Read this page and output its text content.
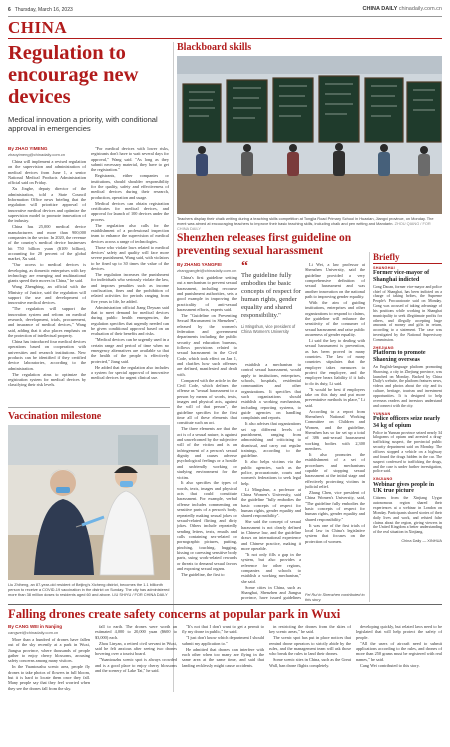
6 Thursday, March 16, 2023	CHINA DAILY chinadaily.com.cn
CHINA
Regulation to encourage new devices
Medical innovation a priority, with conditional approval in emergencies
By ZHAO YIMENG
zhaoyimeng@chinadaily.com.cn

China will implement a revised regulation on the supervision and administration of medical devices from June 1, a senior National Medical Products Administration official said on Friday.

Xu Jinghe, deputy director of the administration, told a State Council Information Office news briefing that the regulation will prioritize approval of innovative medical devices and optimize the supervision model to promote innovation of the industry.

China has 25,000 medical device manufacturers and more than 900,000 companies in the sector. In 2020, the revenue of the country's medical device businesses hit 750 billion yuan ($109 billion), accounting for 20 percent of the global market, Xu said.

"Our access to medical devices is developing, as domestic enterprises with key technology are emerging and multinational giants speed their moves in China," he said.

Wang Zhengbing, an official with the Ministry of Justice, said the regulation will support the use and development of innovative medical devices.

"The regulation will support the innovation system and reform on medical research, development, trials, procurement, and insurance of medical devices," Wang said, adding that it also places emphasis on the protection of intellectual property.

China has introduced four medical devices operations based on cooperation with universities and research institutions. New products can be identified if they certified device laboratories, according to the administration.

The regulation aims to optimize the registration system for medical devices by classifying their risk levels.

"For medical devices with lower risks, registrants don't have to wait several days for approval," Wang said. "As long as they submit necessary material, they have to get the registration."

Registrants, either companies or institutions, should shoulder responsibility for the quality, safety and effectiveness of medical devices during their research, production, operation and usage.

Medical devices can obtain registration certificates for medical devices, and approval for launch of 100 devices under the process.

The regulation also calls for the establishment of a professional inspection team to enhance the supervision of medical devices across a range of technologies.

Those who violate laws related to medical devices' safety and quality will face more severe punishment, Wang said, with violators to be fined up to 30 times the value of the devices.

The regulation increases the punishment for individuals who seriously violate the law, and imposes penalties such as income confiscation, fines and the prohibition of related activities for periods ranging from five years to life, he added.

Administration official Jiang Deyuan said that to meet demand for medical devices during public health emergencies, the regulation specifies that urgently needed can be given conditional approval based on an evaluation of their benefits and risks.

"Medical devices can be urgently used in a certain range and period of time when no emergency alternatives are available so that the health of the people is effectively protected," Jiang said.

He added that the regulation also includes a system for special approval of innovative medical devices for urgent clinical use.

Blackboard skills
Teachers display their chalk writing during a teaching skills competition at Tongjia Road Primary School in Huaxian, Jiangxi province, on Monday. The event was aimed at encouraging teachers to improve their basic teaching skills, including chalk and pen writing and Mandarin. ZHOU QIANG / FOR CHINA DAILY
Shenzhen releases first guideline on preventing sexual harassment
By ZHANG YANGFEI
zhangyangfei@chinadaily.com.cn

China's first guideline setting out a mechanism to prevent sexual harassment, including recourse and punishment authorities, sets a good example in improving the practicality of anti-sexual harassment efforts, experts said.

The "Guideline on Preventing Sexual Harassment in Shenzhen", released by the women's federation and government departments including the public security and education bureaus, follows provisions related to sexual harassment in the Civil Code, which took effect on Jan 1, and clarifies how such offenses are defined, manifested and dealt with.

Compared with the article in the Civil Code, which defines the offense as "sexual harassment to a person by means of words, texts, images and physical acts, against the will of that person", the guideline specifies for the first time all of these elements that constitute such an act.

The three elements are that the act is of a sexual nature, is against and unwelcomed by the subjective will of the victim and is an infringement of a person's sexual dignity and causes adverse psychological feelings or a hostile and unfriendly working or studying environment for the victim.

It also specifies the types of words, texts, images and physical acts that could constitute harassment. For example, verbal offense includes commenting on sensitive parts of a person's body, repeatedly making sexual jokes or sexual-related flirting and dirty jokes. Others include repeatedly sending letters, texts, emails and calls containing sex-related or pornographic pictures, putting, pinching, touching, hugging, kissing or caressing sensitive body parts, using work-related rewards or threats to demand sexual favors and exposing sexual organs.

The guideline, the first to

“
The guideline fully embodies the basic concepts of respect for human rights, gender equality and shared responsibility."
Li Mingshun, vice president of China Women's University

establish a mechanism to control sexual harassment, would apply to institutions, enterprises, schools, hospitals, residential communities and other organizations. It specifies that such organizations should establish a working mechanism, including reporting systems, to guide agencies on handling complaints and reports.

It also advises that organizations set up different levels of punishment, ranging from admonishing and criticizing to dismissal, and carry out regular trainings, according to the guideline.

It also helps victims via the public agencies, such as the police, procuratorate, courts and women's federations to seek legal help.

Li Mingshun, a professor at China Women's University, said the guideline "fully embodies the basic concepts of respect for human rights, gender equality and shared responsibility".

She said the concept of sexual harassment is not clearly defined in Chinese law, and the guideline draws on international experience and Chinese practice, making it more operable.

"It not only fills a gap in the system, but also provides a reference for other regions, companies and schools to establish a working mechanism," she said.

Some cities in China, such as Shanghai, Shenzhen and Jiangsu province, have issued guidelines

Li Wei, a law professor at Shenzhen University, said the guideline provided a very comprehensive definition of sexual harassment and was another innovation on the national path to improving gender equality.

With the aim of guiding institutions, enterprises and other organizations to respond to claims, the guideline will enhance the sensitivity of the consumer of sexual harassment and raise public awareness of gender equality.

Li said the key to dealing with sexual harassment is prevention, as has been proved in many countries. The law of many countries stipulates that the employer takes measures to protect the employee, and the employee bears liability if it fails to do its duty, Li said.

"It would be best if employers take on this duty and put more preventative methods in place," Li said.

According to a report from Shenzhen's National Working Committee on Children and Women, and the guideline, Shenzhen has so far set up a total of 386 anti-sexual harassment working bodies with 2,300 members.

It also promotes the establishment of a set of procedures and mechanisms capable of stopping sexual harassment at the initial stage and effectively protecting victims in judicial relief.

Zhang Chen, vice president of China Women's University, said, "The guideline fully embodies the basic concepts of respect for human rights, gender equality and shared responsibility."

It was one of the first trials of local law in China's legislative system that focuses on the protection of women.

Fei Rui in Shenzhen contributed to this story.
Briefly
SHANGHAI
Former vice-mayor of Shanghai indicted
Gong Daoan, former vice-mayor and police chief of Shanghai, has been indicted on a charge of taking bribes, the Supreme People's Procuratorate said on Monday. Gong was accused of taking advantage of his positions while working in Shanghai municipality to seek illegitimate profits for others, and illegally accepting huge amounts of money and gifts in return, according to a statement. The case was investigated by the National Supervisory Commission.
ZHEJIANG
Platform to promote Shaoxing overseas
An English-language platform promoting Shaoxing, a city in Zhejiang province, was launched on Monday. Backed by China Daily's website, the platform features news, videos and photos about the city and its culture, heritage, tourism and investment opportunities. It is designed to help overseas readers and investors understand and connect with the city.
YUNNAN
Police officers seize nearly 34 kg of opium
Police in Yunnan province seized nearly 34 kilograms of opium and arrested a drug-trafficking suspect, the provincial public security department said on Monday. The officers stopped a vehicle on a highway and found the drugs hidden in the car. The suspect confessed to trafficking the drugs, and the case is under further investigation, police said.
XINJIANG
Webinar gives people in UK true picture
Citizens from the Xinjiang Uygur autonomous region shared their experiences at a webinar in London on Monday. Participants shared stories of their daily lives and work, and refuted false claims about the region, giving viewers in the United Kingdom a better understanding of the real situation in Xinjiang.
China Daily — XINHUA
Vaccination milestone
Liu Zhiheng, an 87-year-old resident of Beijing's Xicheng district, becomes the 1.1 billionth person to receive a COVID-19 vaccination in the district on Sunday. The city has administered more than 38 million doses to residents aged 60 and above. LIU SHIYU / FOR CHINA DAILY
Falling drones create safety concerns at popular park in Wuxi
By CANG WEI in Nanjing
cangwei@chinadaily.com.cn

More than a hundred of drones have fallen out of the sky recently at a park in Wuxi, Jiangsu province, where thousands of people gather to enjoy cherry blossoms, arousing safety concerns among many visitors.

In the Yuantouzhu scenic area, people fly drones to take photos of flowers in full bloom, but it is hard to locate them once they fall. Many people say that they feel worried when they see the drones fall from the sky.

fall to earth. The drones were worth an estimated 4,000 to 20,000 yuan ($600 to $3,000) each.

Zhou Linyan, a retired civil servant in Wuxi, said he felt anxious after seeing two drones hovering over a tourist board.

"Yuantouzhu scenic spot is always crowded and is a good place to enjoy cherry blossoms and the scenery of Lake Tai," he said.

"It's not that I don't want to get a permit to fly my drone in public," he said.

"I just don't know which department I should submit my application to."

He admitted that drones can interfere with each other when too many are flying in the same area at the same time, and said that landing recklessly might cause accidents.

in restricting the drones from the skies of key scenic areas," he said.

The scenic spot has put in place notices that remind drone operators to strictly abide by the rules, and the management team will ask those who break the rules to land their drones.

Some scenic sites in China, such as the Great Wall, ban drone flights completely.

developing quickly, but related laws need to be legislated that will help protect the safety of people.

"All the users of aircraft need to submit applications according to the rules, and drones of more than 250 grams must be registered with real names," he said.

Cang Wei contributed to this story.
